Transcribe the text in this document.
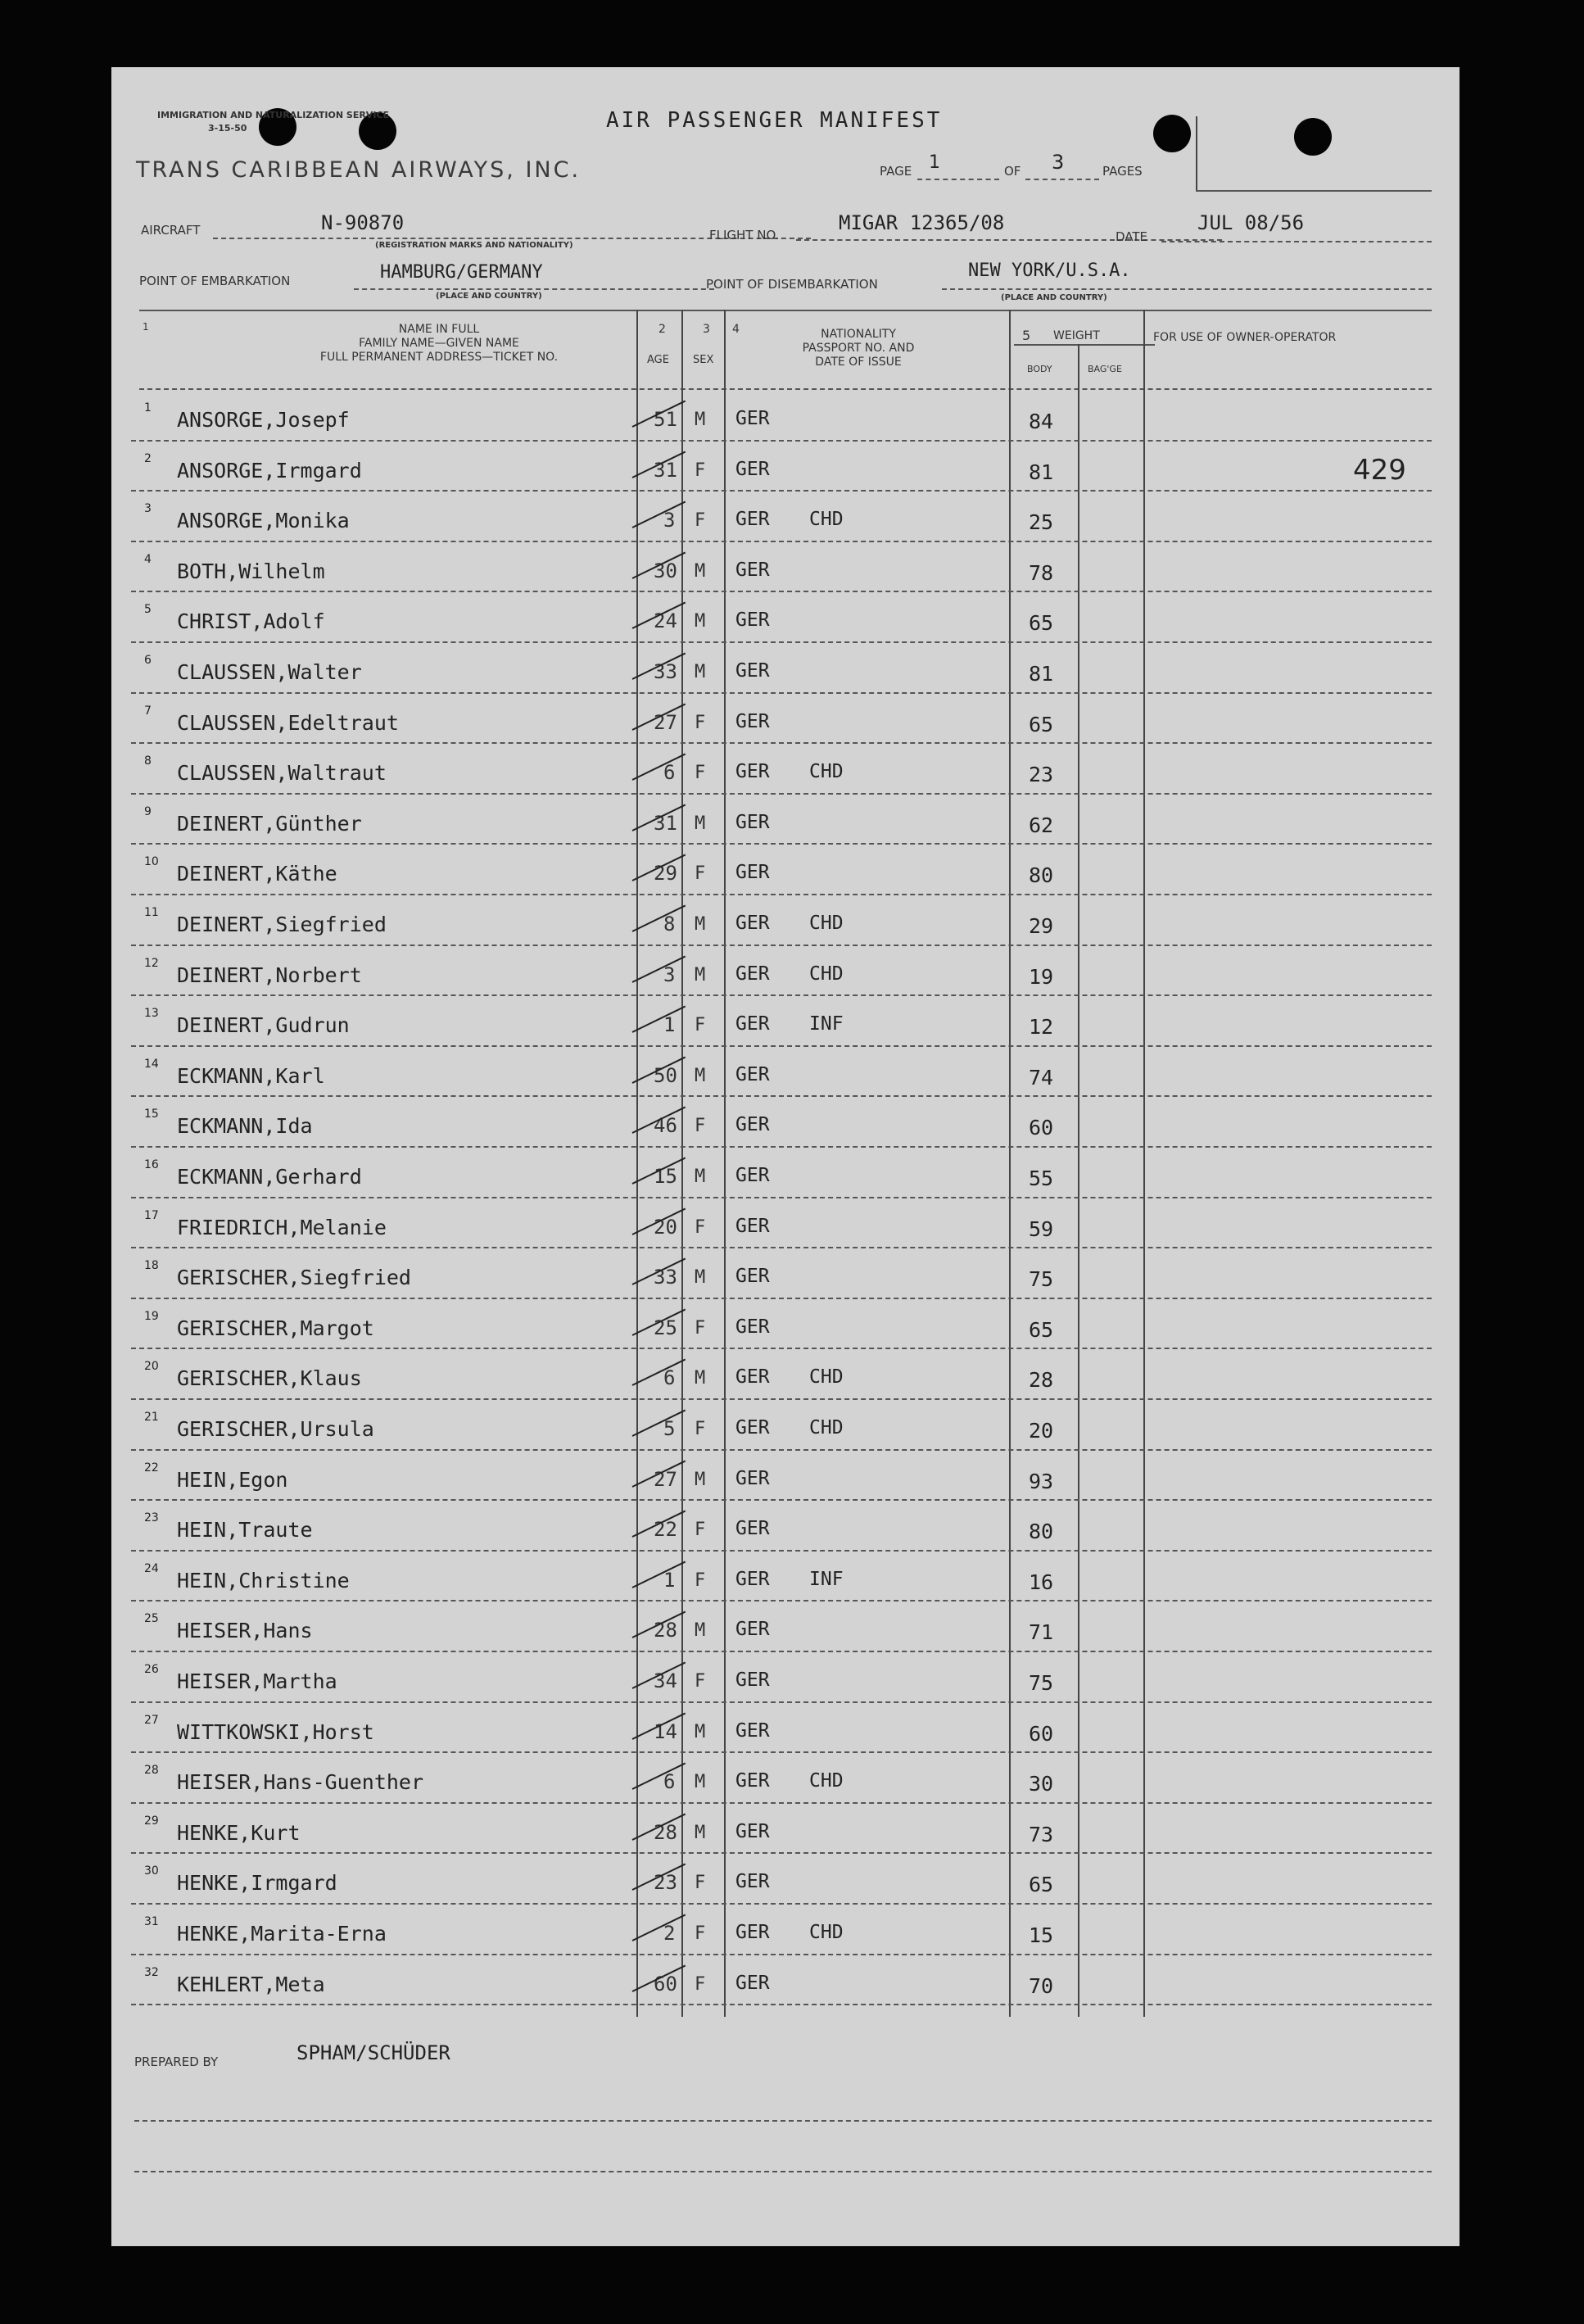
IMMIGRATION AND NATURALIZATION SERVICE
3-15-50	AIR PASSENGER MANIFEST
TRANS CARIBBEAN AIRWAYS, INC.	PAGE 1	OF 3	PAGES
AIRCRAFT	N-90870
(REGISTRATION MARKS AND NATIONALITY)
FLIGHT NO.
MIGAR 12365/08
DATE
JUL 08/56
POINT OF EMBARKATION	HAMBURG/GERMANY
(PLACE AND COUNTRY)
POINT OF DISEMBARKATION
NEW YORK/U.S.A.
(PLACE AND COUNTRY)
1	NAME IN FULL
FAMILY NAME—GIVEN NAME
FULL PERMANENT ADDRESS—TICKET NO.
2
AGE
3
SEX
4	NATIONALITY
PASSPORT NO. AND
DATE OF ISSUE
5 WEIGHT
BODY	BAG'GE
FOR USE OF OWNER-OPERATOR
1 ANSORGE,Josepf	51 M GER	84
2 ANSORGE,Irmgard	31 F GER	81
3 ANSORGE,Monika	3 F GER CHD	25
4 BOTH,Wilhelm	30 M GER	78
5 CHRIST,Adolf	24 M GER	65
6 CLAUSSEN,Walter	33 M GER	81
7 CLAUSSEN,Edeltraut	27 F GER	65
8 CLAUSSEN,Waltraut	6 F GER CHD	23
9 DEINERT,Günther	31 M GER	62
10 DEINERT,Käthe	29 F GER	80
11 DEINERT,Siegfried	8 M GER CHD	29
12 DEINERT,Norbert	3 M GER CHD	19
13 DEINERT,Gudrun	1 F GER INF	12
14 ECKMANN,Karl	50 M GER	74
15 ECKMANN,Ida	46 F GER	60
16 ECKMANN,Gerhard	15 M GER	55
17 FRIEDRICH,Melanie	20 F GER	59
18 GERISCHER,Siegfried	33 M GER	75
19 GERISCHER,Margot	25 F GER	65
20 GERISCHER,Klaus	6 M GER CHD	28
21 GERISCHER,Ursula	5 F GER CHD	20
22 HEIN,Egon	27 M GER	93
23 HEIN,Traute	22 F GER	80
24 HEIN,Christine	1 F GER INF	16
25 HEISER,Hans	28 M GER	71
26 HEISER,Martha	34 F GER	75
27 WITTKOWSKI,Horst	14 M GER	60
28 HEISER,Hans-Guenther	6 M GER CHD	30
29 HENKE,Kurt	28 M GER	73
30 HENKE,Irmgard	23 F GER	65
31 HENKE,Marita-Erna	2 F GER CHD	15
32 KEHLERT,Meta	60 F GER	70
429
PREPARED BY	SPHAM/SCHÜDER
